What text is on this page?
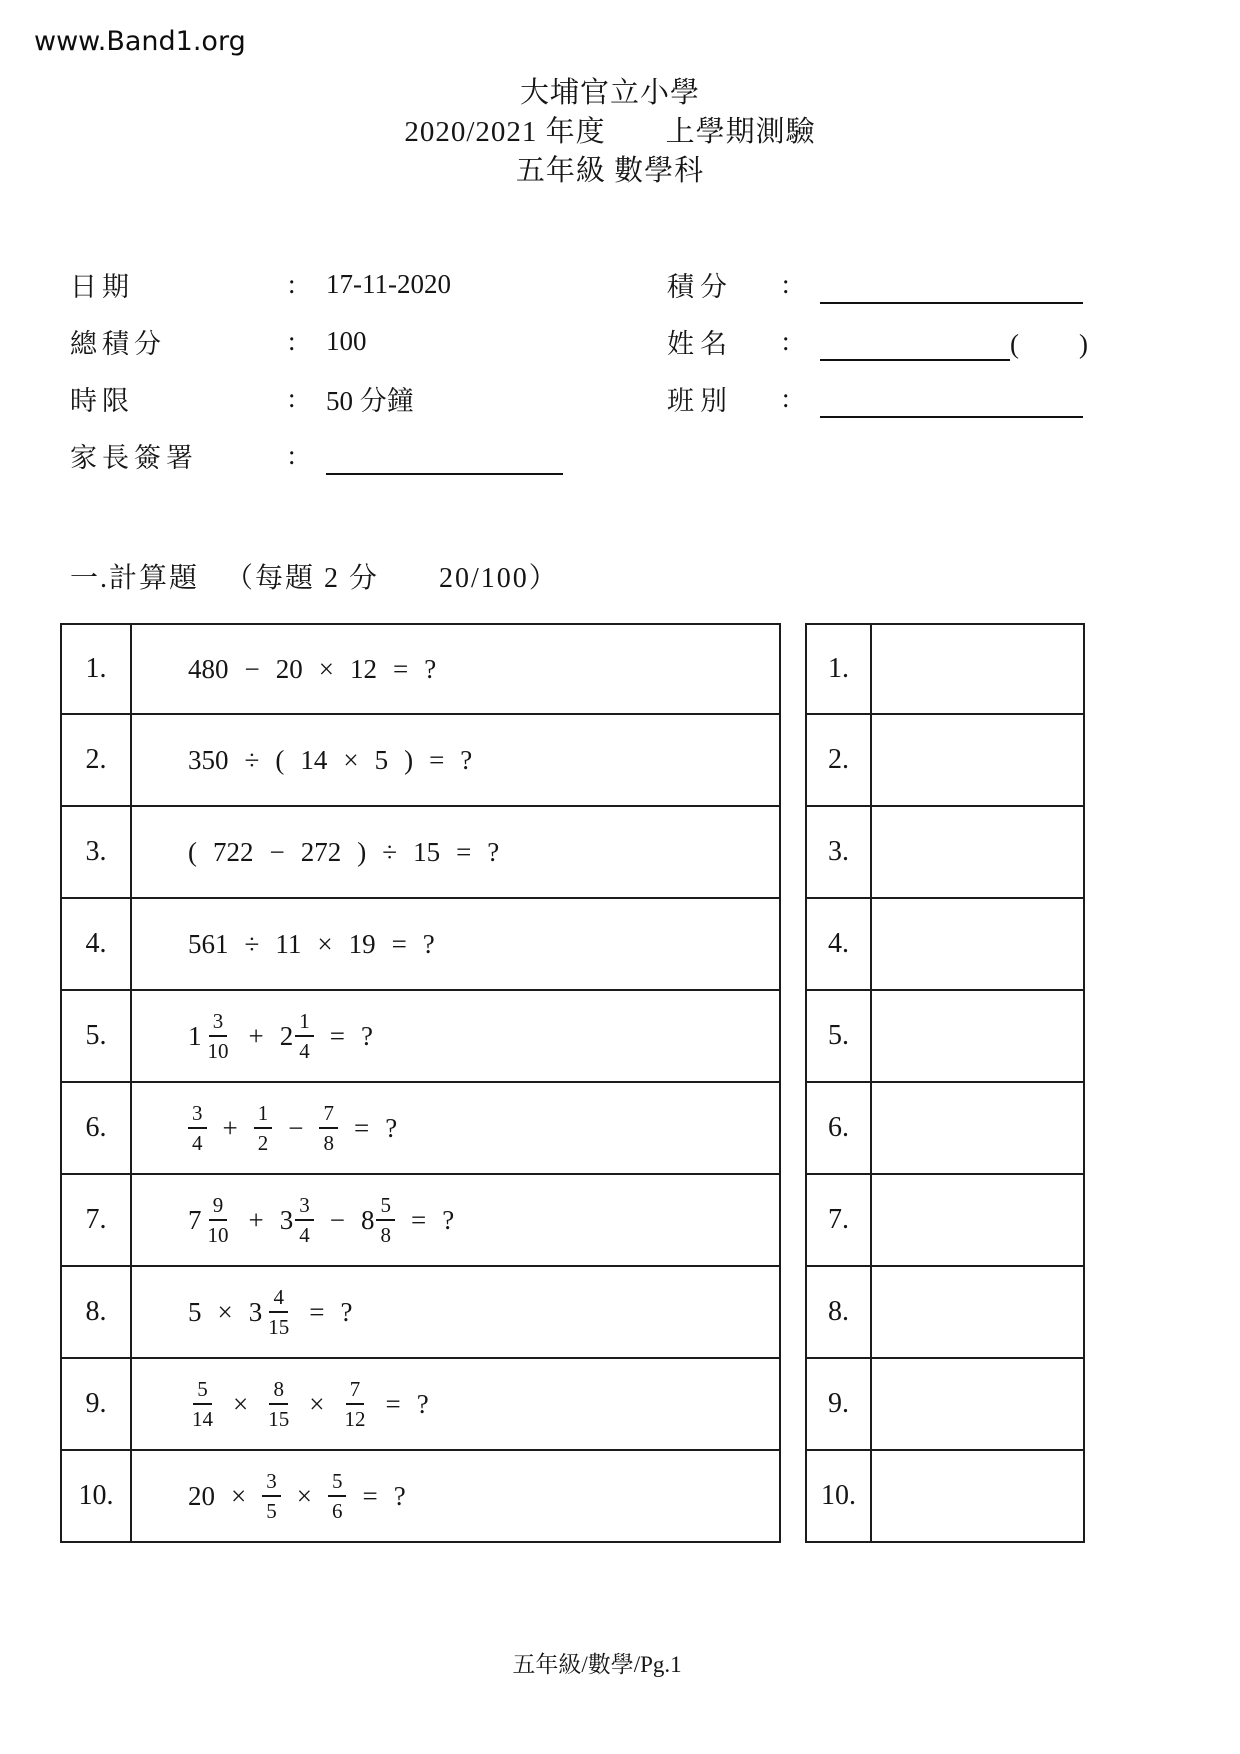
www.Band1.org
大埔官立小學
2020/2021 年度　　上學期測驗
五年級 數學科
日期	:	17-11-2020
總積分	:	100
時限	:	50 分鐘
家長簽署	:
積分	:
姓名	:	(　　)
班別	:
一.計算題 （每題 2 分　　20/100）
1.	480 − 20 × 12 = ?	1.
2.	350 ÷ ( 14 × 5 ) = ?	2.
3.	( 722 − 272 ) ÷ 15 = ?	3.
4.	561 ÷ 11 × 19 = ?	4.
5.	$1 \frac{3}{10} + 2 \frac{1}{4}$ = ?	5.
6.	$\frac{3}{4} + \frac{1}{2} - \frac{7}{8}$ = ?	6.
7.	$7 \frac{9}{10} + 3 \frac{3}{4} - 8 \frac{5}{8}$ = ?	7.
8.	$5 \times 3 \frac{4}{15}$ = ?	8.
9.	$\frac{5}{14} \times \frac{8}{15} \times \frac{7}{12}$ = ?	9.
10.	$20 \times \frac{3}{5} \times \frac{5}{6}$ = ?	10.
五年級/數學/Pg.1
